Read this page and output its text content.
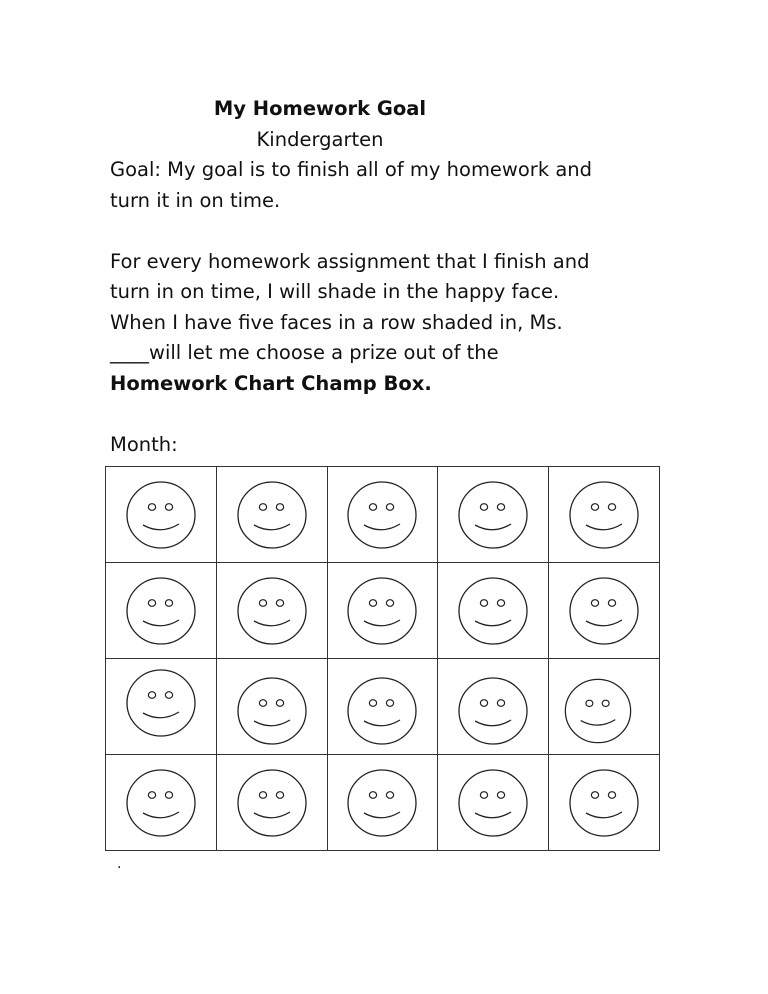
My Homework Goal
Kindergarten
Goal: My goal is to finish all of my homework and
turn it in on time.
For every homework assignment that I finish and
turn in on time, I will shade in the happy face.
When I have five faces in a row shaded in, Ms.
____will let me choose a prize out of the
Homework Chart Champ Box.
Month:

.
